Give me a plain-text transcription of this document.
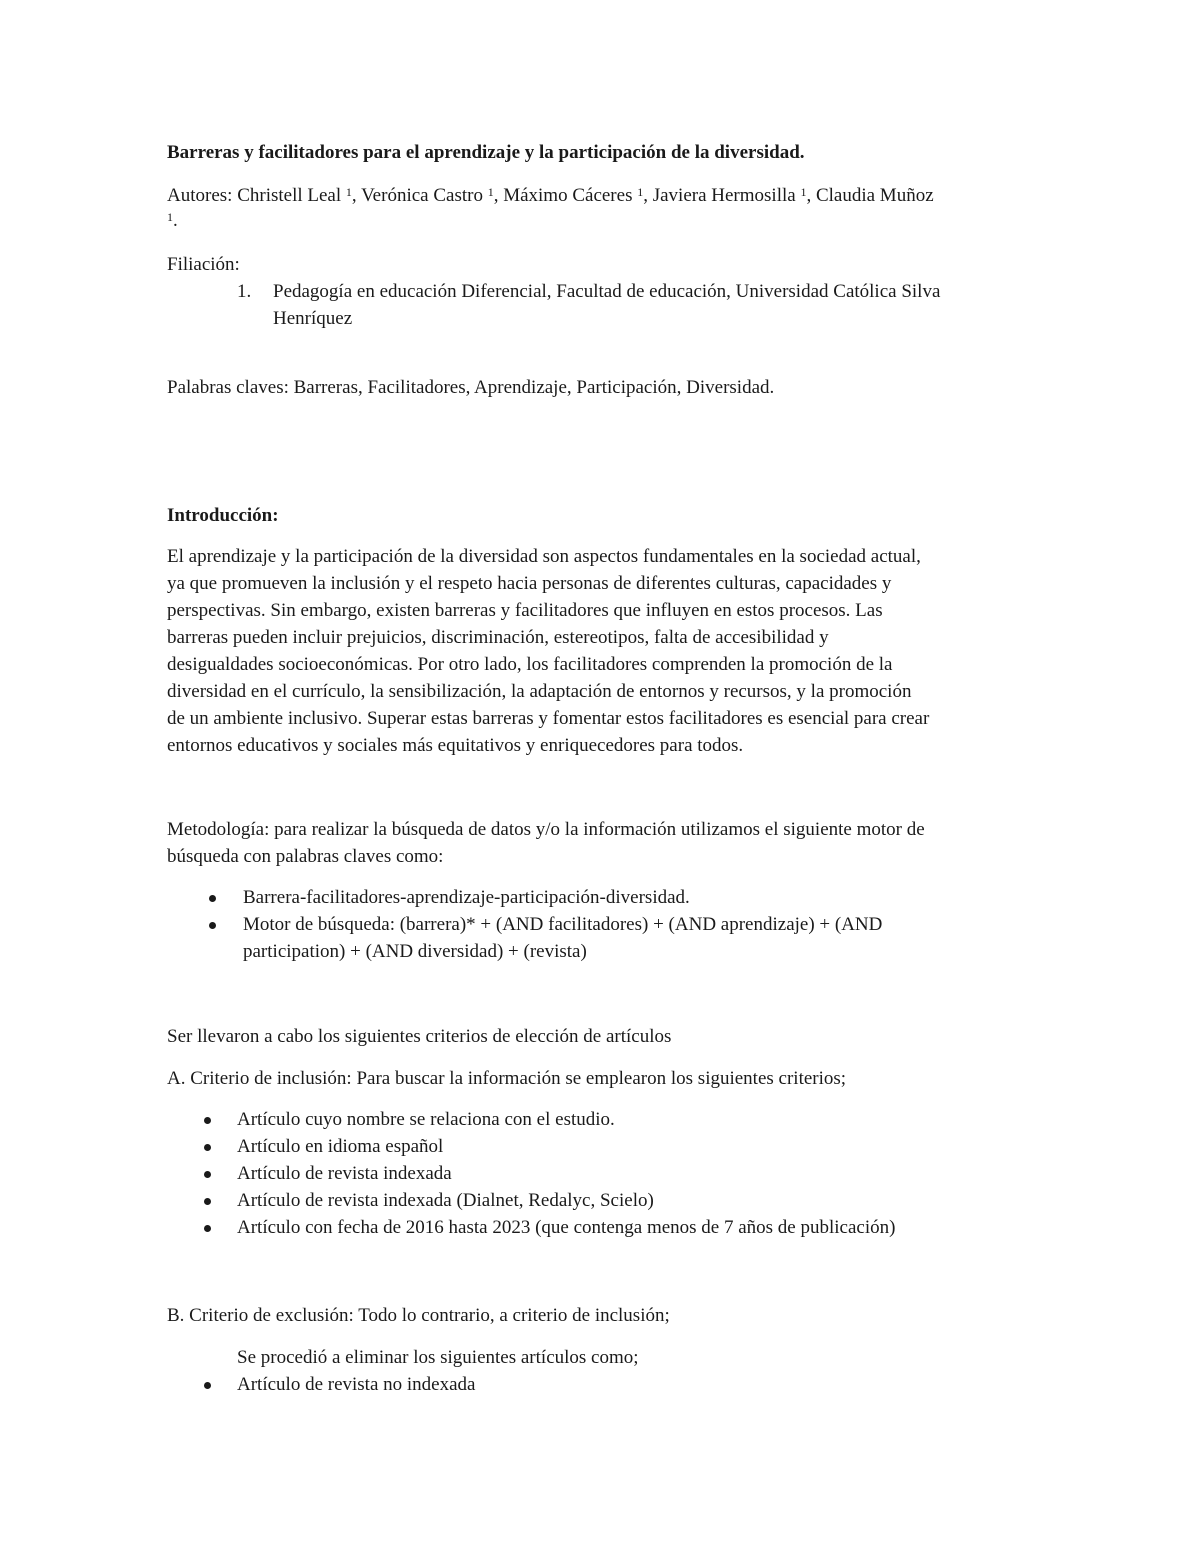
Barreras y facilitadores para el aprendizaje y la participación de la diversidad.
Autores: Christell Leal $^1$, Verónica Castro $^1$, Máximo Cáceres $^1$, Javiera Hermosilla $^1$, Claudia Muñoz
$^1$.
Filiación:
1. Pedagogía en educación Diferencial, Facultad de educación, Universidad Católica Silva
Henríquez
Palabras claves: Barreras, Facilitadores, Aprendizaje, Participación, Diversidad.
Introducción:
El aprendizaje y la participación de la diversidad son aspectos fundamentales en la sociedad actual,
ya que promueven la inclusión y el respeto hacia personas de diferentes culturas, capacidades y
perspectivas. Sin embargo, existen barreras y facilitadores que influyen en estos procesos. Las
barreras pueden incluir prejuicios, discriminación, estereotipos, falta de accesibilidad y
desigualdades socioeconómicas. Por otro lado, los facilitadores comprenden la promoción de la
diversidad en el currículo, la sensibilización, la adaptación de entornos y recursos, y la promoción
de un ambiente inclusivo. Superar estas barreras y fomentar estos facilitadores es esencial para crear
entornos educativos y sociales más equitativos y enriquecedores para todos.
Metodología: para realizar la búsqueda de datos y/o la información utilizamos el siguiente motor de
búsqueda con palabras claves como:
Barrera-facilitadores-aprendizaje-participación-diversidad.
Motor de búsqueda: (barrera)* + (AND facilitadores) + (AND aprendizaje) + (AND
participation) + (AND diversidad) + (revista)
Ser llevaron a cabo los siguientes criterios de elección de artículos
A. Criterio de inclusión: Para buscar la información se emplearon los siguientes criterios;
Artículo cuyo nombre se relaciona con el estudio.
Artículo en idioma español
Artículo de revista indexada
Artículo de revista indexada (Dialnet, Redalyc, Scielo)
Artículo con fecha de 2016 hasta 2023 (que contenga menos de 7 años de publicación)
B. Criterio de exclusión: Todo lo contrario, a criterio de inclusión;
Se procedió a eliminar los siguientes artículos como;
Artículo de revista no indexada
